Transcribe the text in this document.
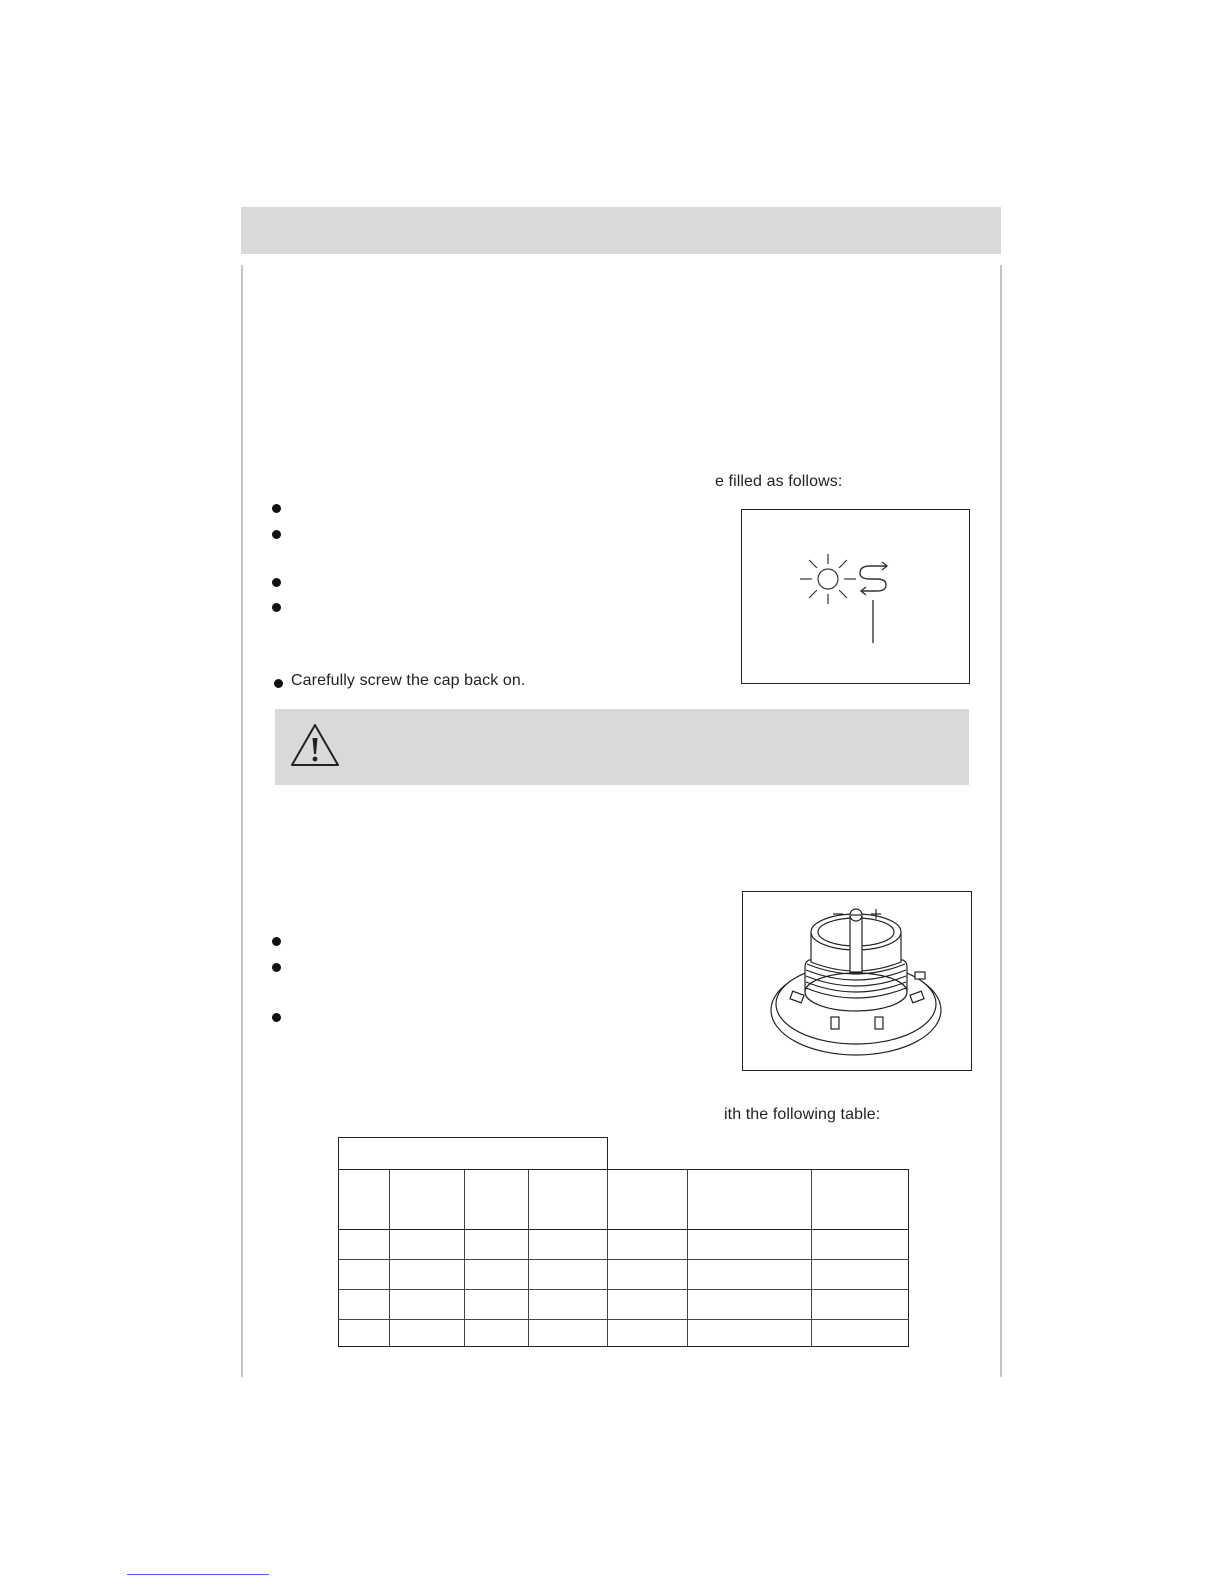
e filled as follows:
Carefully screw the cap back on.
ith the following table:
